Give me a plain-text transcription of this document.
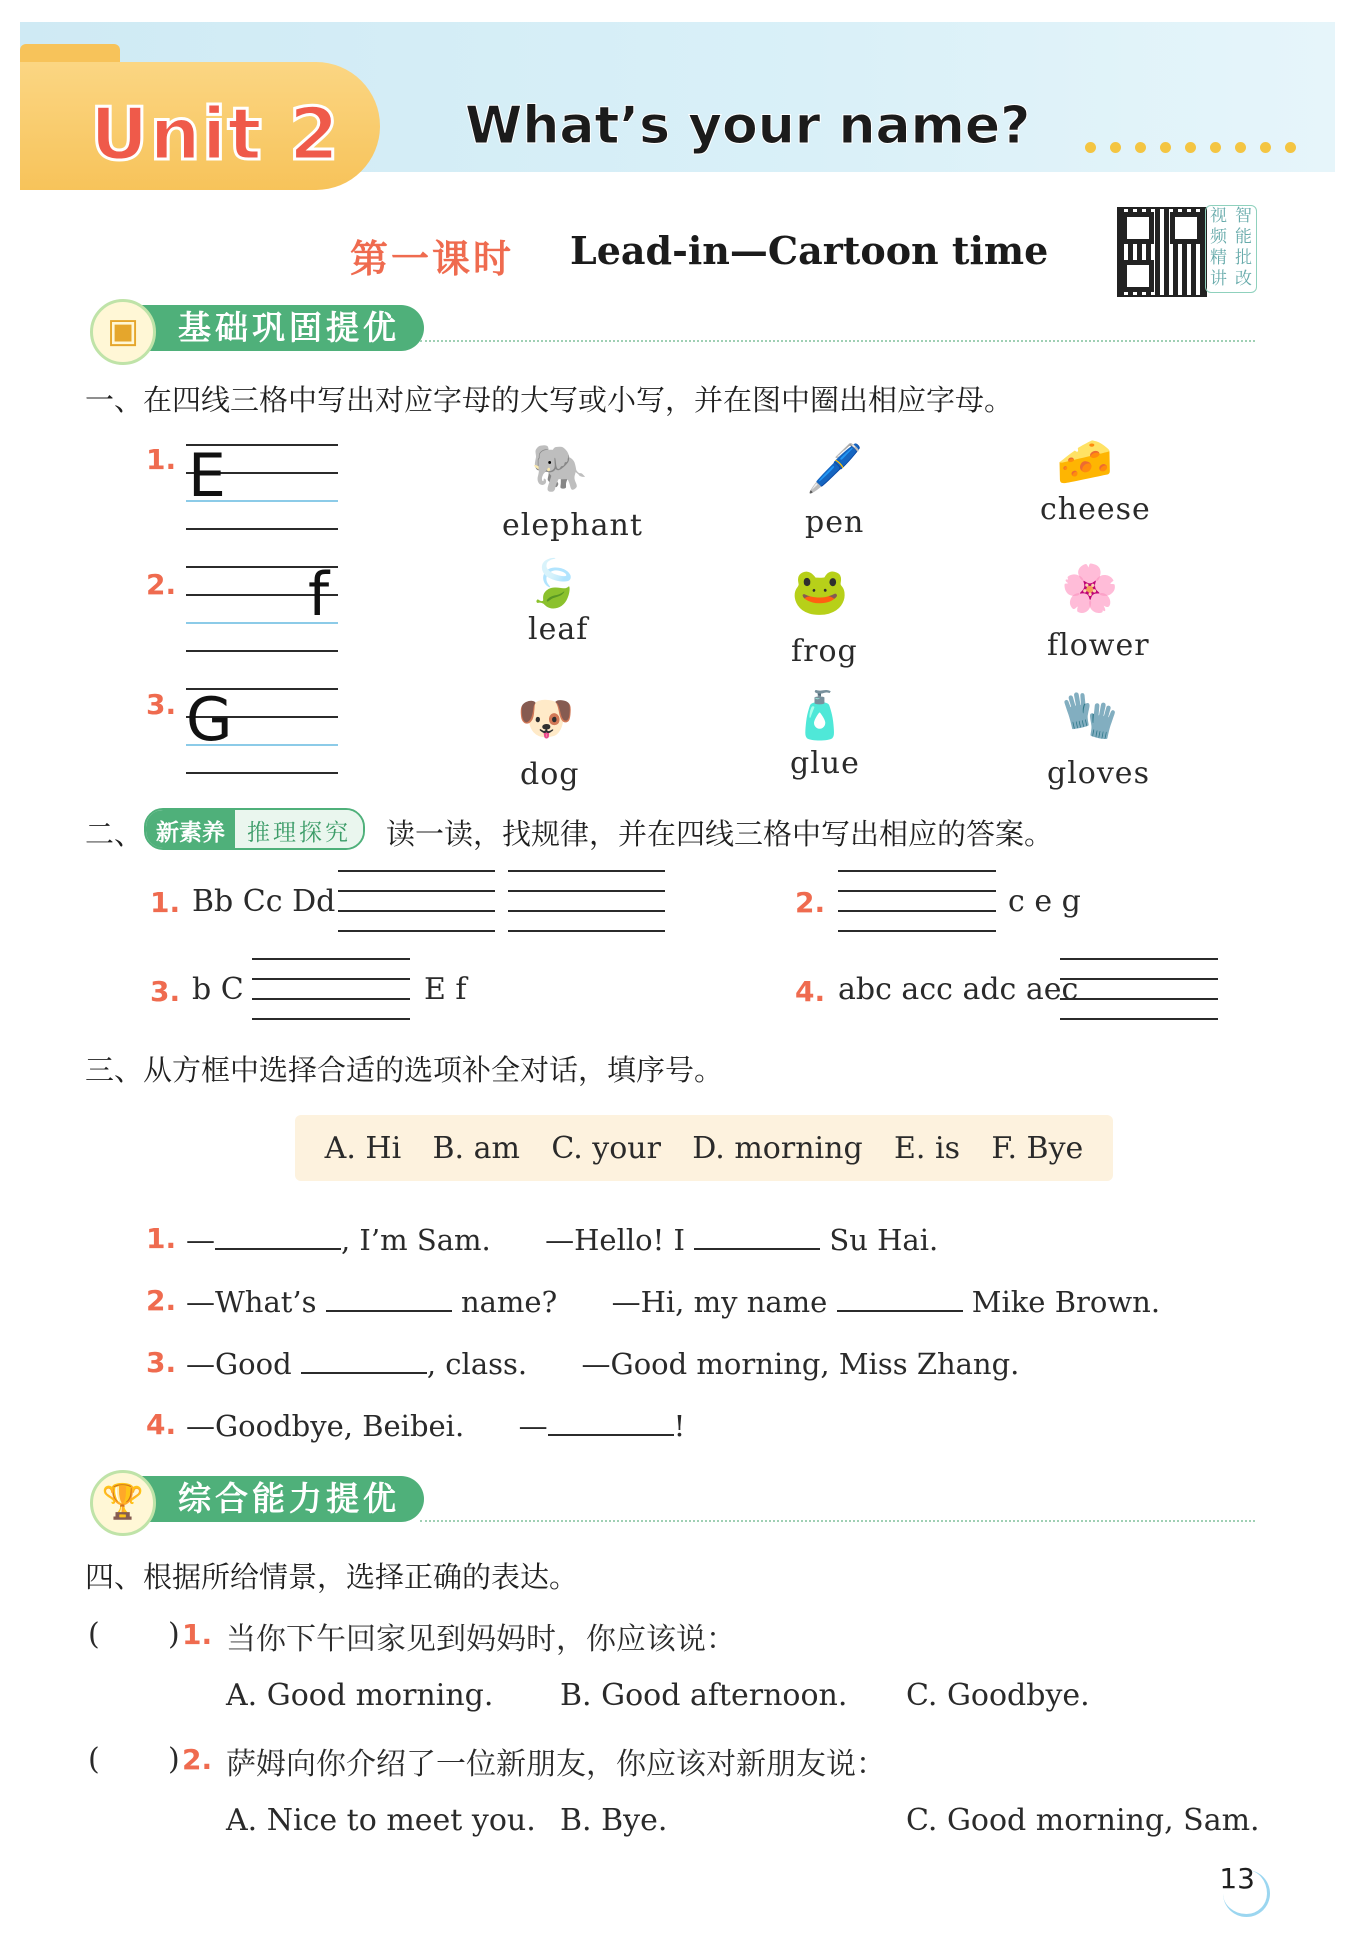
Unit 2 What’s your name?
第一课时 Lead-in—Cartoon time
视 智
频 能
精 批
讲 改
基础巩固提优
▣
一、在四线三格中写出对应字母的大写或小写，并在图中圈出相应字母。
1. E	🐘
elephant
🖊️
pen
🧀
cheese
2. f	🍃
leaf
🐸
frog
🌸
flower
3. G	🐶
dog
🧴
glue
🧤
gloves
二、 新素养 推理探究	读一读，找规律，并在四线三格中写出相应的答案。
1. Bb Cc Dd	2.	c e g
3. b C	E f	4. abc acc adc aec
三、从方框中选择合适的选项补全对话，填序号。
A. Hi B. am C. your D. morning E. is F. Bye
1. —	, I’m Sam. —Hello! I	Su Hai.
2. —What’s	name? —Hi, my name	Mike Brown.
3. —Good	, class. —Good morning, Miss Zhang.
4. —Goodbye, Beibei. —	!
综合能力提优
🏆
四、根据所给情景，选择正确的表达。
( ) 1. 当你下午回家见到妈妈时，你应该说：
A. Good morning. B. Good afternoon. C. Goodbye.
( ) 2. 萨姆向你介绍了一位新朋友，你应该对新朋友说：
A. Nice to meet you. B. Bye.	C. Good morning, Sam.
13
